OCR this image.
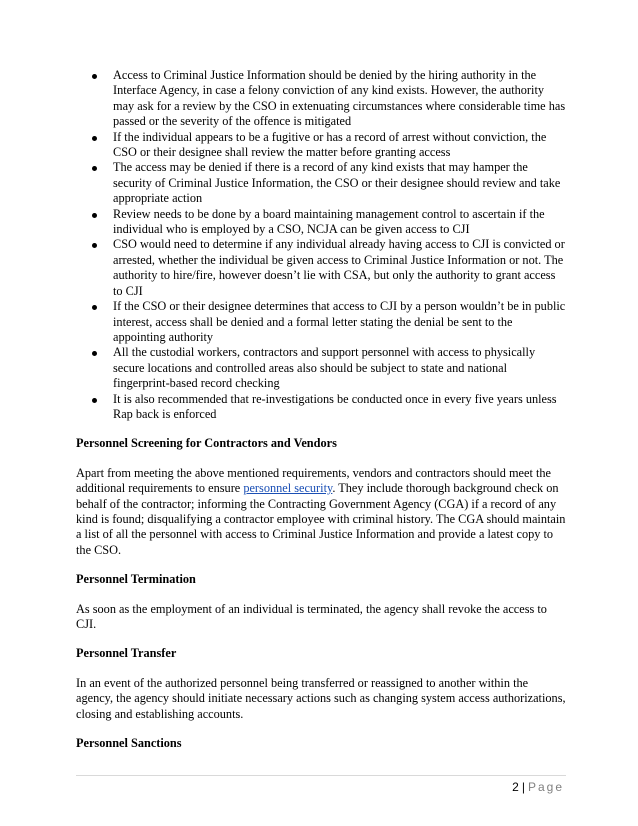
Access to Criminal Justice Information should be denied by the hiring authority in the Interface Agency, in case a felony conviction of any kind exists. However, the authority may ask for a review by the CSO in extenuating circumstances where considerable time has passed or the severity of the offence is mitigated
If the individual appears to be a fugitive or has a record of arrest without conviction, the CSO or their designee shall review the matter before granting access
The access may be denied if there is a record of any kind exists that may hamper the security of Criminal Justice Information, the CSO or their designee should review and take appropriate action
Review needs to be done by a board maintaining management control to ascertain if the individual who is employed by a CSO, NCJA can be given access to CJI
CSO would need to determine if any individual already having access to CJI is convicted or arrested, whether the individual be given access to Criminal Justice Information or not. The authority to hire/fire, however doesn’t lie with CSA, but only the authority to grant access to CJI
If the CSO or their designee determines that access to CJI by a person wouldn’t be in public interest, access shall be denied and a formal letter stating the denial be sent to the appointing authority
All the custodial workers, contractors and support personnel with access to physically secure locations and controlled areas also should be subject to state and national fingerprint-based record checking
It is also recommended that re-investigations be conducted once in every five years unless Rap back is enforced
Personnel Screening for Contractors and Vendors

Apart from meeting the above mentioned requirements, vendors and contractors should meet the additional requirements to ensure personnel security. They include thorough background check on behalf of the contractor; informing the Contracting Government Agency (CGA) if a record of any kind is found; disqualifying a contractor employee with criminal history. The CGA should maintain a list of all the personnel with access to Criminal Justice Information and provide a latest copy to the CSO.

Personnel Termination

As soon as the employment of an individual is terminated, the agency shall revoke the access to CJI.

Personnel Transfer

In an event of the authorized personnel being transferred or reassigned to another within the agency, the agency should initiate necessary actions such as changing system access authorizations, closing and establishing accounts.

Personnel Sanctions
2 | Page
